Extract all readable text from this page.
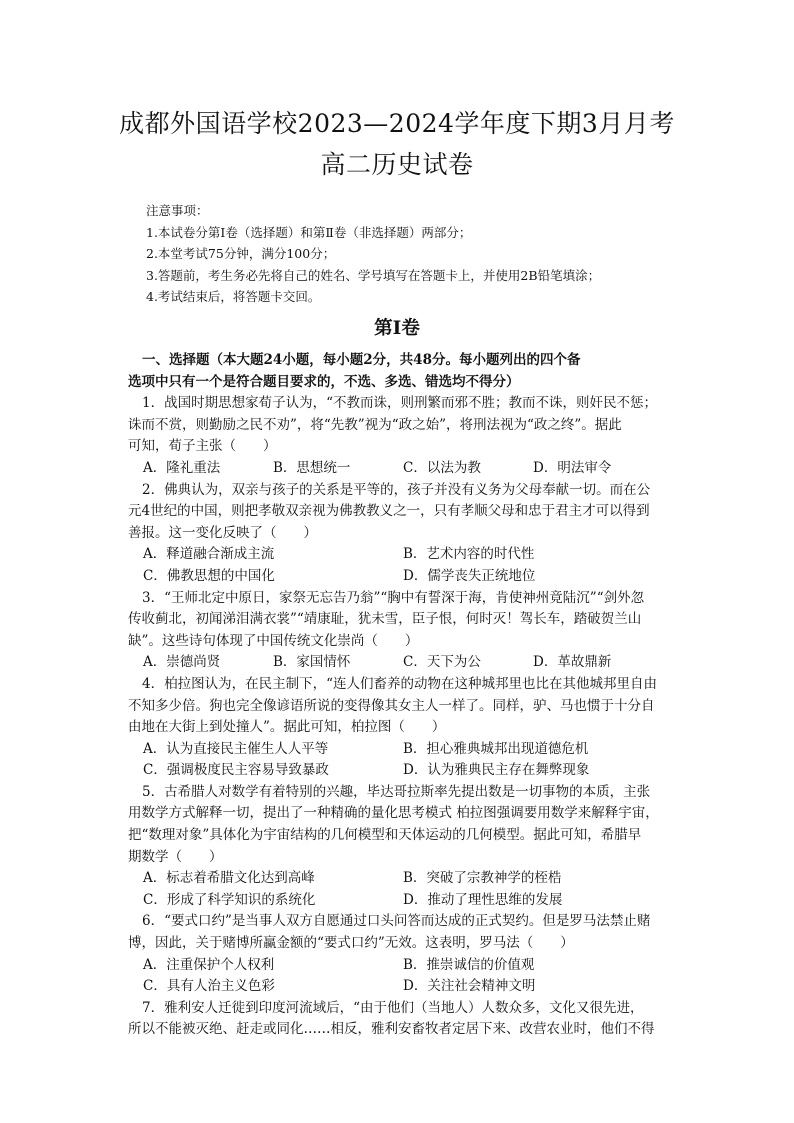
成都外国语学校2023—2024学年度下期3月月考
高二历史试卷
注意事项：
1.本试卷分第Ⅰ卷（选择题）和第Ⅱ卷（非选择题）两部分；
2.本堂考试75分钟，满分100分；
3.答题前，考生务必先将自己的姓名、学号填写在答题卡上，并使用2B铅笔填涂；
4.考试结束后，将答题卡交回。
第Ⅰ卷
一、选择题（本大题24小题，每小题2分，共48分。每小题列出的四个备
选项中只有一个是符合题目要求的，不选、多选、错选均不得分）
1．战国时期思想家荀子认为，“不教而诛，则刑繁而邪不胜；教而不诛，则奸民不惩；
诛而不赏，则勤励之民不劝”，将“先教”视为“政之始”，将刑法视为“政之终”。据此
可知，荀子主张（　　）
A．隆礼重法	B．思想统一	C．以法为教	D．明法审令
2．佛典认为，双亲与孩子的关系是平等的，孩子并没有义务为父母奉献一切。而在公
元4世纪的中国，则把孝敬双亲视为佛教教义之一，只有孝顺父母和忠于君主才可以得到
善报。这一变化反映了（　　）
A．释道融合渐成主流	B．艺术内容的时代性
C．佛教思想的中国化	D．儒学丧失正统地位
3．“王师北定中原日，家祭无忘告乃翁”“胸中有誓深于海，肯使神州竟陆沉”“剑外忽
传收蓟北，初闻涕泪满衣裳”“靖康耻，犹未雪，臣子恨，何时灭！驾长车，踏破贺兰山
缺”。这些诗句体现了中国传统文化崇尚（　　）
A．崇德尚贤	B．家国情怀	C．天下为公	D．革故鼎新
4．柏拉图认为，在民主制下，“连人们畜养的动物在这种城邦里也比在其他城邦里自由
不知多少倍。狗也完全像谚语所说的变得像其女主人一样了。同样，驴、马也惯于十分自
由地在大街上到处撞人”。据此可知，柏拉图（　　）
A．认为直接民主催生人人平等	B．担心雅典城邦出现道德危机
C．强调极度民主容易导致暴政	D．认为雅典民主存在舞弊现象
5．古希腊人对数学有着特别的兴趣，毕达哥拉斯率先提出数是一切事物的本质，主张
用数学方式解释一切，提出了一种精确的量化思考模式 柏拉图强调要用数学来解释宇宙，
把“数理对象”具体化为宇宙结构的几何模型和天体运动的几何模型。据此可知，希腊早
期数学（　　）
A．标志着希腊文化达到高峰	B．突破了宗教神学的桎梏
C．形成了科学知识的系统化	D．推动了理性思维的发展
6．“要式口约”是当事人双方自愿通过口头问答而达成的正式契约。但是罗马法禁止赌
博，因此，关于赌博所赢金额的“要式口约”无效。这表明，罗马法（　　）
A．注重保护个人权利	B．推崇诚信的价值观
C．具有人治主义色彩	D．关注社会精神文明
7．雅利安人迁徙到印度河流域后，“由于他们（当地人）人数众多，文化又很先进，
所以不能被灭绝、赶走或同化……相反，雅利安畜牧者定居下来、改营农业时，他们不得
